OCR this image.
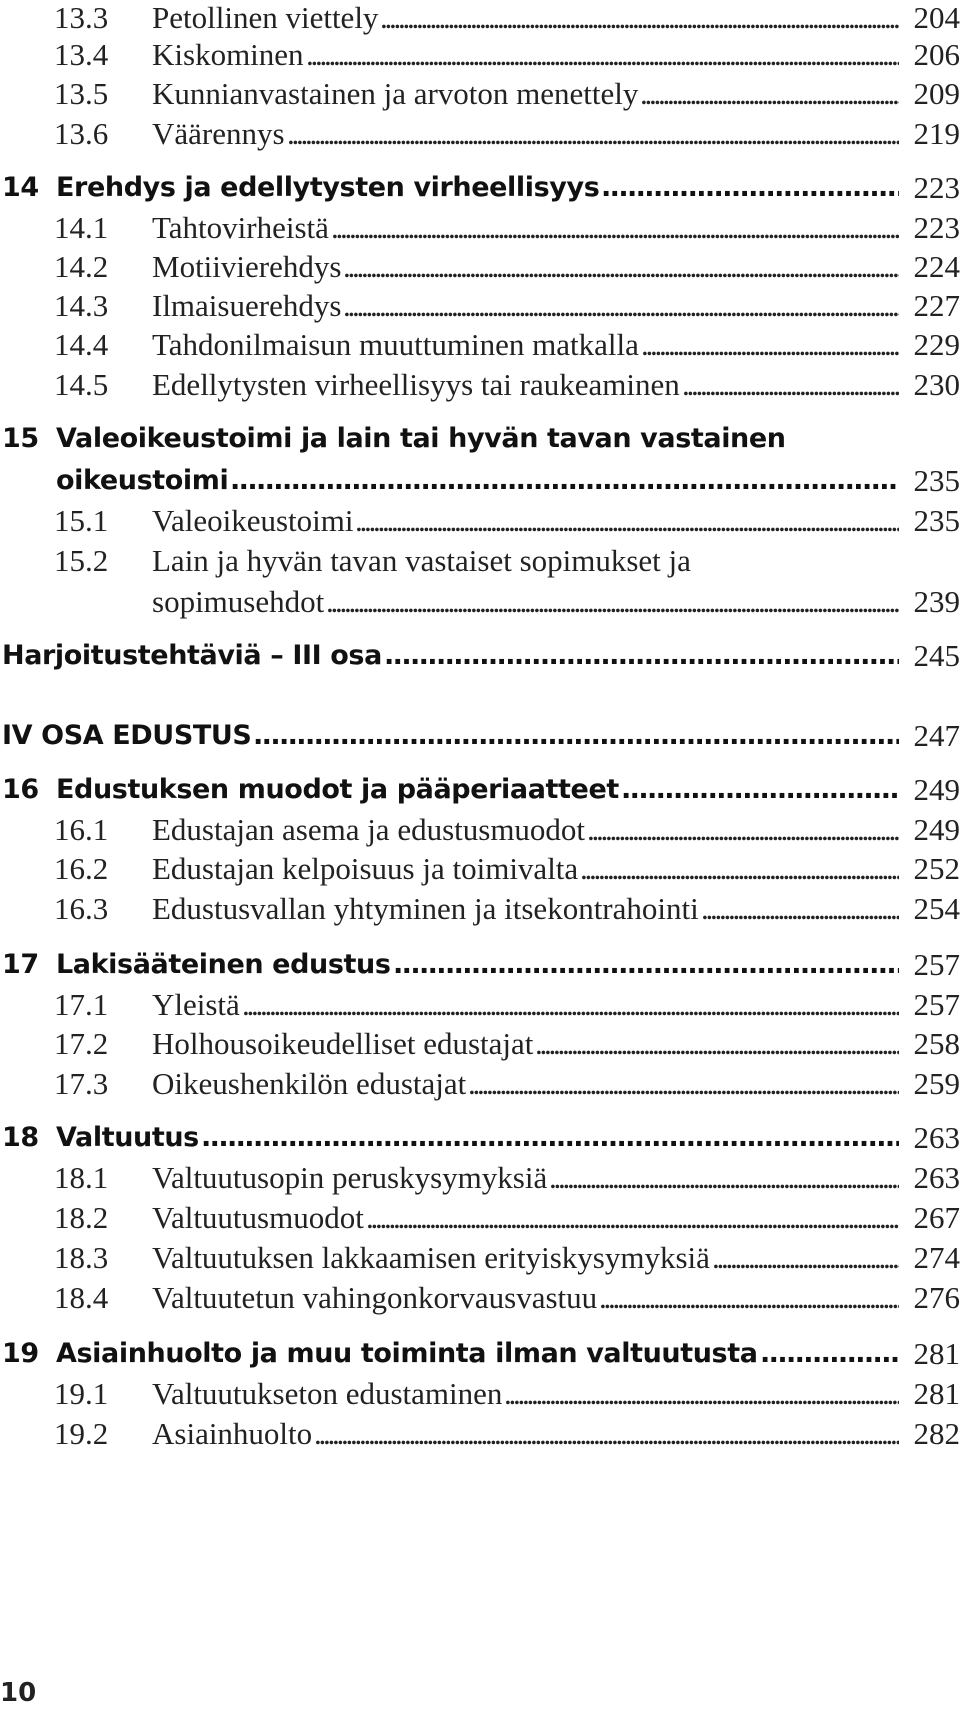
13.3 Petollinen viettely . . .	204
13.4 Kiskominen . . .	206
13.5 Kunnianvastainen ja arvoton menettely . . .	209
13.6 Väärennys . . .	219
14 Erehdys ja edellytysten virheellisyys . . .	223
14.1 Tahtovirheistä . . .	223
14.2 Motiivierehdys . . .	224
14.3 Ilmaisuerehdys . . .	227
14.4 Tahdonilmaisun muuttuminen matkalla . . .	229
14.5 Edellytysten virheellisyys tai raukeaminen . . .	230
15 Valeoikeustoimi ja lain tai hyvän tavan vastainen
oikeustoimi . . .	235
15.1 Valeoikeustoimi . . .	235
15.2 Lain ja hyvän tavan vastaiset sopimukset ja
sopimusehdot . . .	239
Harjoitustehtäviä – III osa . . .	245
IV OSA EDUSTUS . . .	247
16 Edustuksen muodot ja pääperiaatteet . . .	249
16.1 Edustajan asema ja edustusmuodot . . .	249
16.2 Edustajan kelpoisuus ja toimivalta . . .	252
16.3 Edustusvallan yhtyminen ja itsekontrahointi . . .	254
17 Lakisääteinen edustus . . .	257
17.1 Yleistä . . .	257
17.2 Holhousoikeudelliset edustajat . . .	258
17.3 Oikeushenkilön edustajat . . .	259
18 Valtuutus . . .	263
18.1 Valtuutusopin peruskysymyksiä . . .	263
18.2 Valtuutusmuodot . . .	267
18.3 Valtuutuksen lakkaamisen erityiskysymyksiä . . .	274
18.4 Valtuutetun vahingonkorvausvastuu . . .	276
19 Asiainhuolto ja muu toiminta ilman valtuutusta . . .	281
19.1 Valtuutukseton edustaminen . . .	281
19.2 Asiainhuolto . . .	282
10
